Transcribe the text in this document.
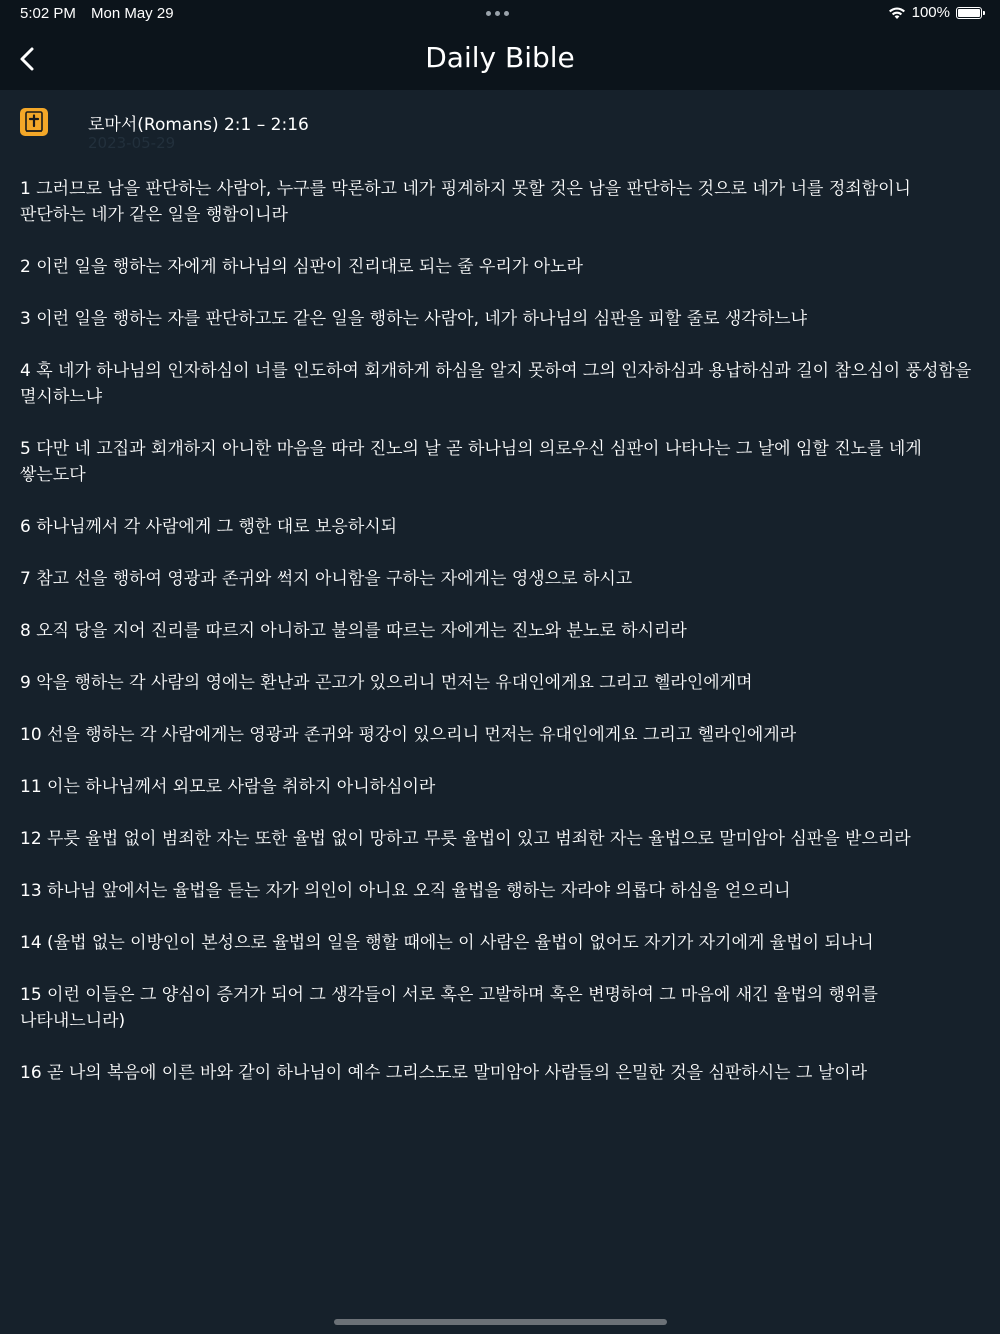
5:02 PM Mon May 29	100%
Daily Bible
로마서(Romans) 2:1 – 2:16
2023-05-29
1 그러므로 남을 판단하는 사람아, 누구를 막론하고 네가 핑계하지 못할 것은 남을 판단하는 것으로 네가 너를 정죄함이니 판단하는 네가 같은 일을 행함이니라
2 이런 일을 행하는 자에게 하나님의 심판이 진리대로 되는 줄 우리가 아노라
3 이런 일을 행하는 자를 판단하고도 같은 일을 행하는 사람아, 네가 하나님의 심판을 피할 줄로 생각하느냐
4 혹 네가 하나님의 인자하심이 너를 인도하여 회개하게 하심을 알지 못하여 그의 인자하심과 용납하심과 길이 참으심이 풍성함을 멸시하느냐
5 다만 네 고집과 회개하지 아니한 마음을 따라 진노의 날 곧 하나님의 의로우신 심판이 나타나는 그 날에 임할 진노를 네게 쌓는도다
6 하나님께서 각 사람에게 그 행한 대로 보응하시되
7 참고 선을 행하여 영광과 존귀와 썩지 아니함을 구하는 자에게는 영생으로 하시고
8 오직 당을 지어 진리를 따르지 아니하고 불의를 따르는 자에게는 진노와 분노로 하시리라
9 악을 행하는 각 사람의 영에는 환난과 곤고가 있으리니 먼저는 유대인에게요 그리고 헬라인에게며
10 선을 행하는 각 사람에게는 영광과 존귀와 평강이 있으리니 먼저는 유대인에게요 그리고 헬라인에게라
11 이는 하나님께서 외모로 사람을 취하지 아니하심이라
12 무릇 율법 없이 범죄한 자는 또한 율법 없이 망하고 무릇 율법이 있고 범죄한 자는 율법으로 말미암아 심판을 받으리라
13 하나님 앞에서는 율법을 듣는 자가 의인이 아니요 오직 율법을 행하는 자라야 의롭다 하심을 얻으리니
14 (율법 없는 이방인이 본성으로 율법의 일을 행할 때에는 이 사람은 율법이 없어도 자기가 자기에게 율법이 되나니
15 이런 이들은 그 양심이 증거가 되어 그 생각들이 서로 혹은 고발하며 혹은 변명하여 그 마음에 새긴 율법의 행위를 나타내느니라)
16 곧 나의 복음에 이른 바와 같이 하나님이 예수 그리스도로 말미암아 사람들의 은밀한 것을 심판하시는 그 날이라
